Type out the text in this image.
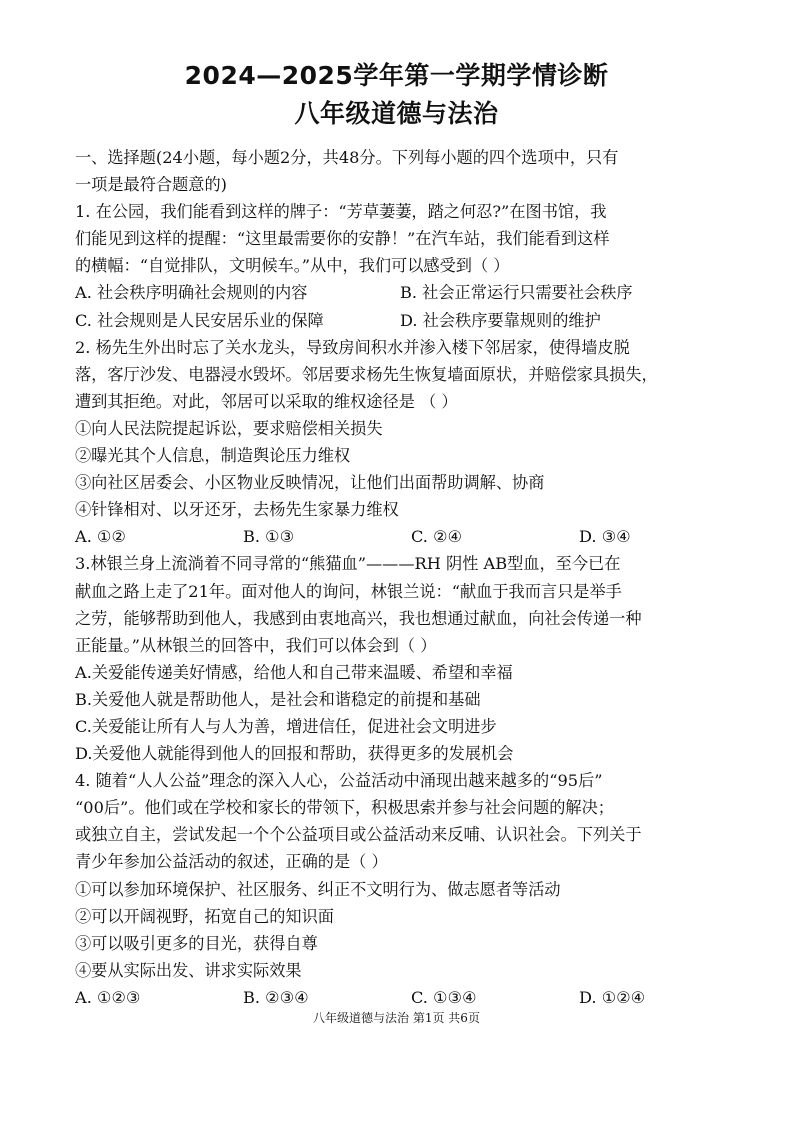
2024—2025学年第一学期学情诊断
八年级道德与法治

一、选择题(24小题，每小题2分，共48分。下列每小题的四个选项中，只有

一项是最符合题意的)

1. 在公园，我们能看到这样的牌子：“芳草萋萋，踏之何忍?”在图书馆，我

们能见到这样的提醒：“这里最需要你的安静！”在汽车站，我们能看到这样

的横幅：“自觉排队，文明候车。”从中，我们可以感受到（ ）

A. 社会秩序明确社会规则的内容	B. 社会正常运行只需要社会秩序
C. 社会规则是人民安居乐业的保障	D. 社会秩序要靠规则的维护

2. 杨先生外出时忘了关水龙头，导致房间积水并渗入楼下邻居家，使得墙皮脱

落，客厅沙发、电器浸水毁坏。邻居要求杨先生恢复墙面原状，并赔偿家具损失，

遭到其拒绝。对此，邻居可以采取的维权途径是 （ ）

①向人民法院提起诉讼，要求赔偿相关损失

②曝光其个人信息，制造舆论压力维权

③向社区居委会、小区物业反映情况，让他们出面帮助调解、协商

④针锋相对、以牙还牙，去杨先生家暴力维权

A. ①②	B. ①③	C. ②④	D. ③④

3.林银兰身上流淌着不同寻常的“熊猫血”———RH 阴性 AB型血，至今已在

献血之路上走了21年。面对他人的询问，林银兰说：“献血于我而言只是举手

之劳，能够帮助到他人，我感到由衷地高兴，我也想通过献血，向社会传递一种

正能量。”从林银兰的回答中，我们可以体会到（ ）

A.关爱能传递美好情感，给他人和自己带来温暖、希望和幸福

B.关爱他人就是帮助他人，是社会和谐稳定的前提和基础

C.关爱能让所有人与人为善，增进信任，促进社会文明进步

D.关爱他人就能得到他人的回报和帮助，获得更多的发展机会

4. 随着“人人公益”理念的深入人心，公益活动中涌现出越来越多的“95后”

“00后”。他们或在学校和家长的带领下，积极思索并参与社会问题的解决；

或独立自主，尝试发起一个个公益项目或公益活动来反哺、认识社会。下列关于

青少年参加公益活动的叙述，正确的是（ ）

①可以参加环境保护、社区服务、纠正不文明行为、做志愿者等活动

②可以开阔视野，拓宽自己的知识面

③可以吸引更多的目光，获得自尊

④要从实际出发、讲求实际效果

A. ①②③	B. ②③④	C. ①③④	D. ①②④
八年级道德与法治 第1页 共6页
